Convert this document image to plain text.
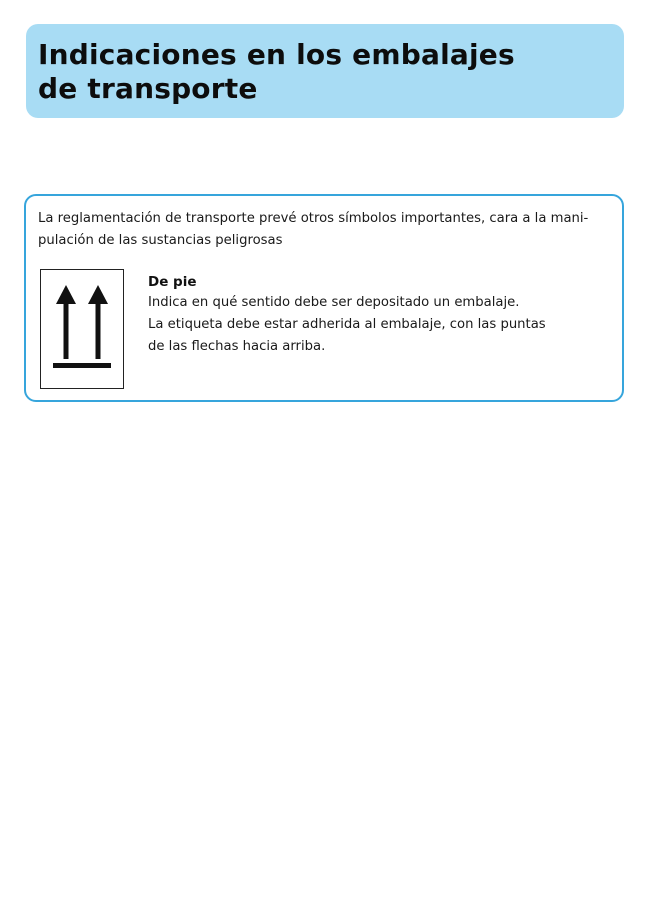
Indicaciones en los embalajes
de transporte

La reglamentación de transporte prevé otros símbolos importantes, cara a la mani-
pulación de las sustancias peligrosas

De pie

Indica en qué sentido debe ser depositado un embalaje.
La etiqueta debe estar adherida al embalaje, con las puntas
de las flechas hacia arriba.
